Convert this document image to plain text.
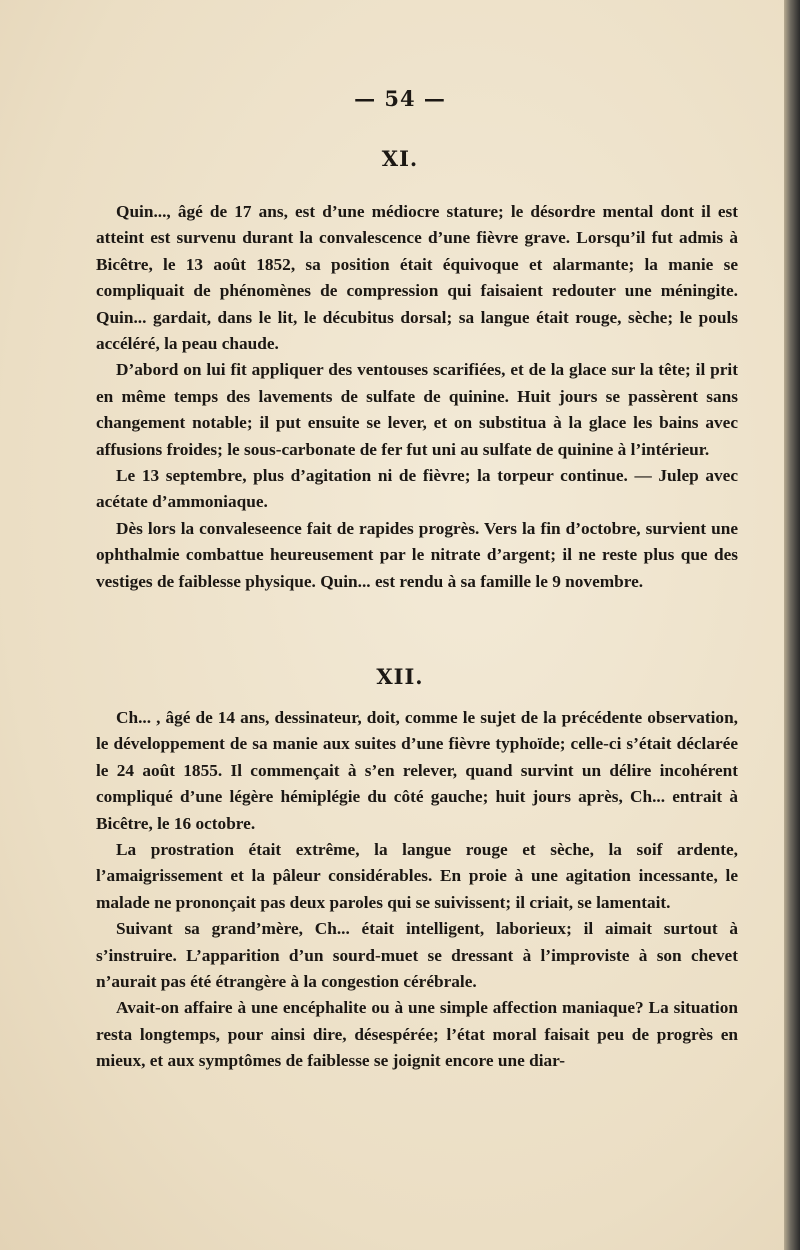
— 54 —
XI.

Quin..., âgé de 17 ans, est d’une médiocre stature; le désordre mental dont il est atteint est survenu durant la convalescence d’une fièvre grave. Lorsqu’il fut admis à Bicêtre, le 13 août 1852, sa position était équivoque et alarmante; la manie se compliquait de phénomènes de compression qui faisaient redouter une méningite. Quin... gardait, dans le lit, le décubitus dorsal; sa langue était rouge, sèche; le pouls accéléré, la peau chaude.

D’abord on lui fit appliquer des ventouses scarifiées, et de la glace sur la tête; il prit en même temps des lavements de sulfate de quinine. Huit jours se passèrent sans changement notable; il put ensuite se lever, et on substitua à la glace les bains avec affusions froides; le sous-carbonate de fer fut uni au sulfate de quinine à l’intérieur.

Le 13 septembre, plus d’agitation ni de fièvre; la torpeur continue. — Julep avec acétate d’ammoniaque.

Dès lors la convaleseence fait de rapides progrès. Vers la fin d’octobre, survient une ophthalmie combattue heureusement par le nitrate d’argent; il ne reste plus que des vestiges de faiblesse physique. Quin... est rendu à sa famille le 9 novembre.

XII.

Ch... , âgé de 14 ans, dessinateur, doit, comme le sujet de la précédente observation, le développement de sa manie aux suites d’une fièvre typhoïde; celle-ci s’était déclarée le 24 août 1855. Il commençait à s’en relever, quand survint un délire incohérent compliqué d’une légère hémiplégie du côté gauche; huit jours après, Ch... entrait à Bicêtre, le 16 octobre.

La prostration était extrême, la langue rouge et sèche, la soif ardente, l’amaigrissement et la pâleur considérables. En proie à une agitation incessante, le malade ne prononçait pas deux paroles qui se suivissent; il criait, se lamentait.

Suivant sa grand’mère, Ch... était intelligent, laborieux; il aimait surtout à s’instruire. L’apparition d’un sourd-muet se dressant à l’improviste à son chevet n’aurait pas été étrangère à la congestion cérébrale.

Avait-on affaire à une encéphalite ou à une simple affection maniaque? La situation resta longtemps, pour ainsi dire, désespérée; l’état moral faisait peu de progrès en mieux, et aux symptômes de faiblesse se joignit encore une diar-
